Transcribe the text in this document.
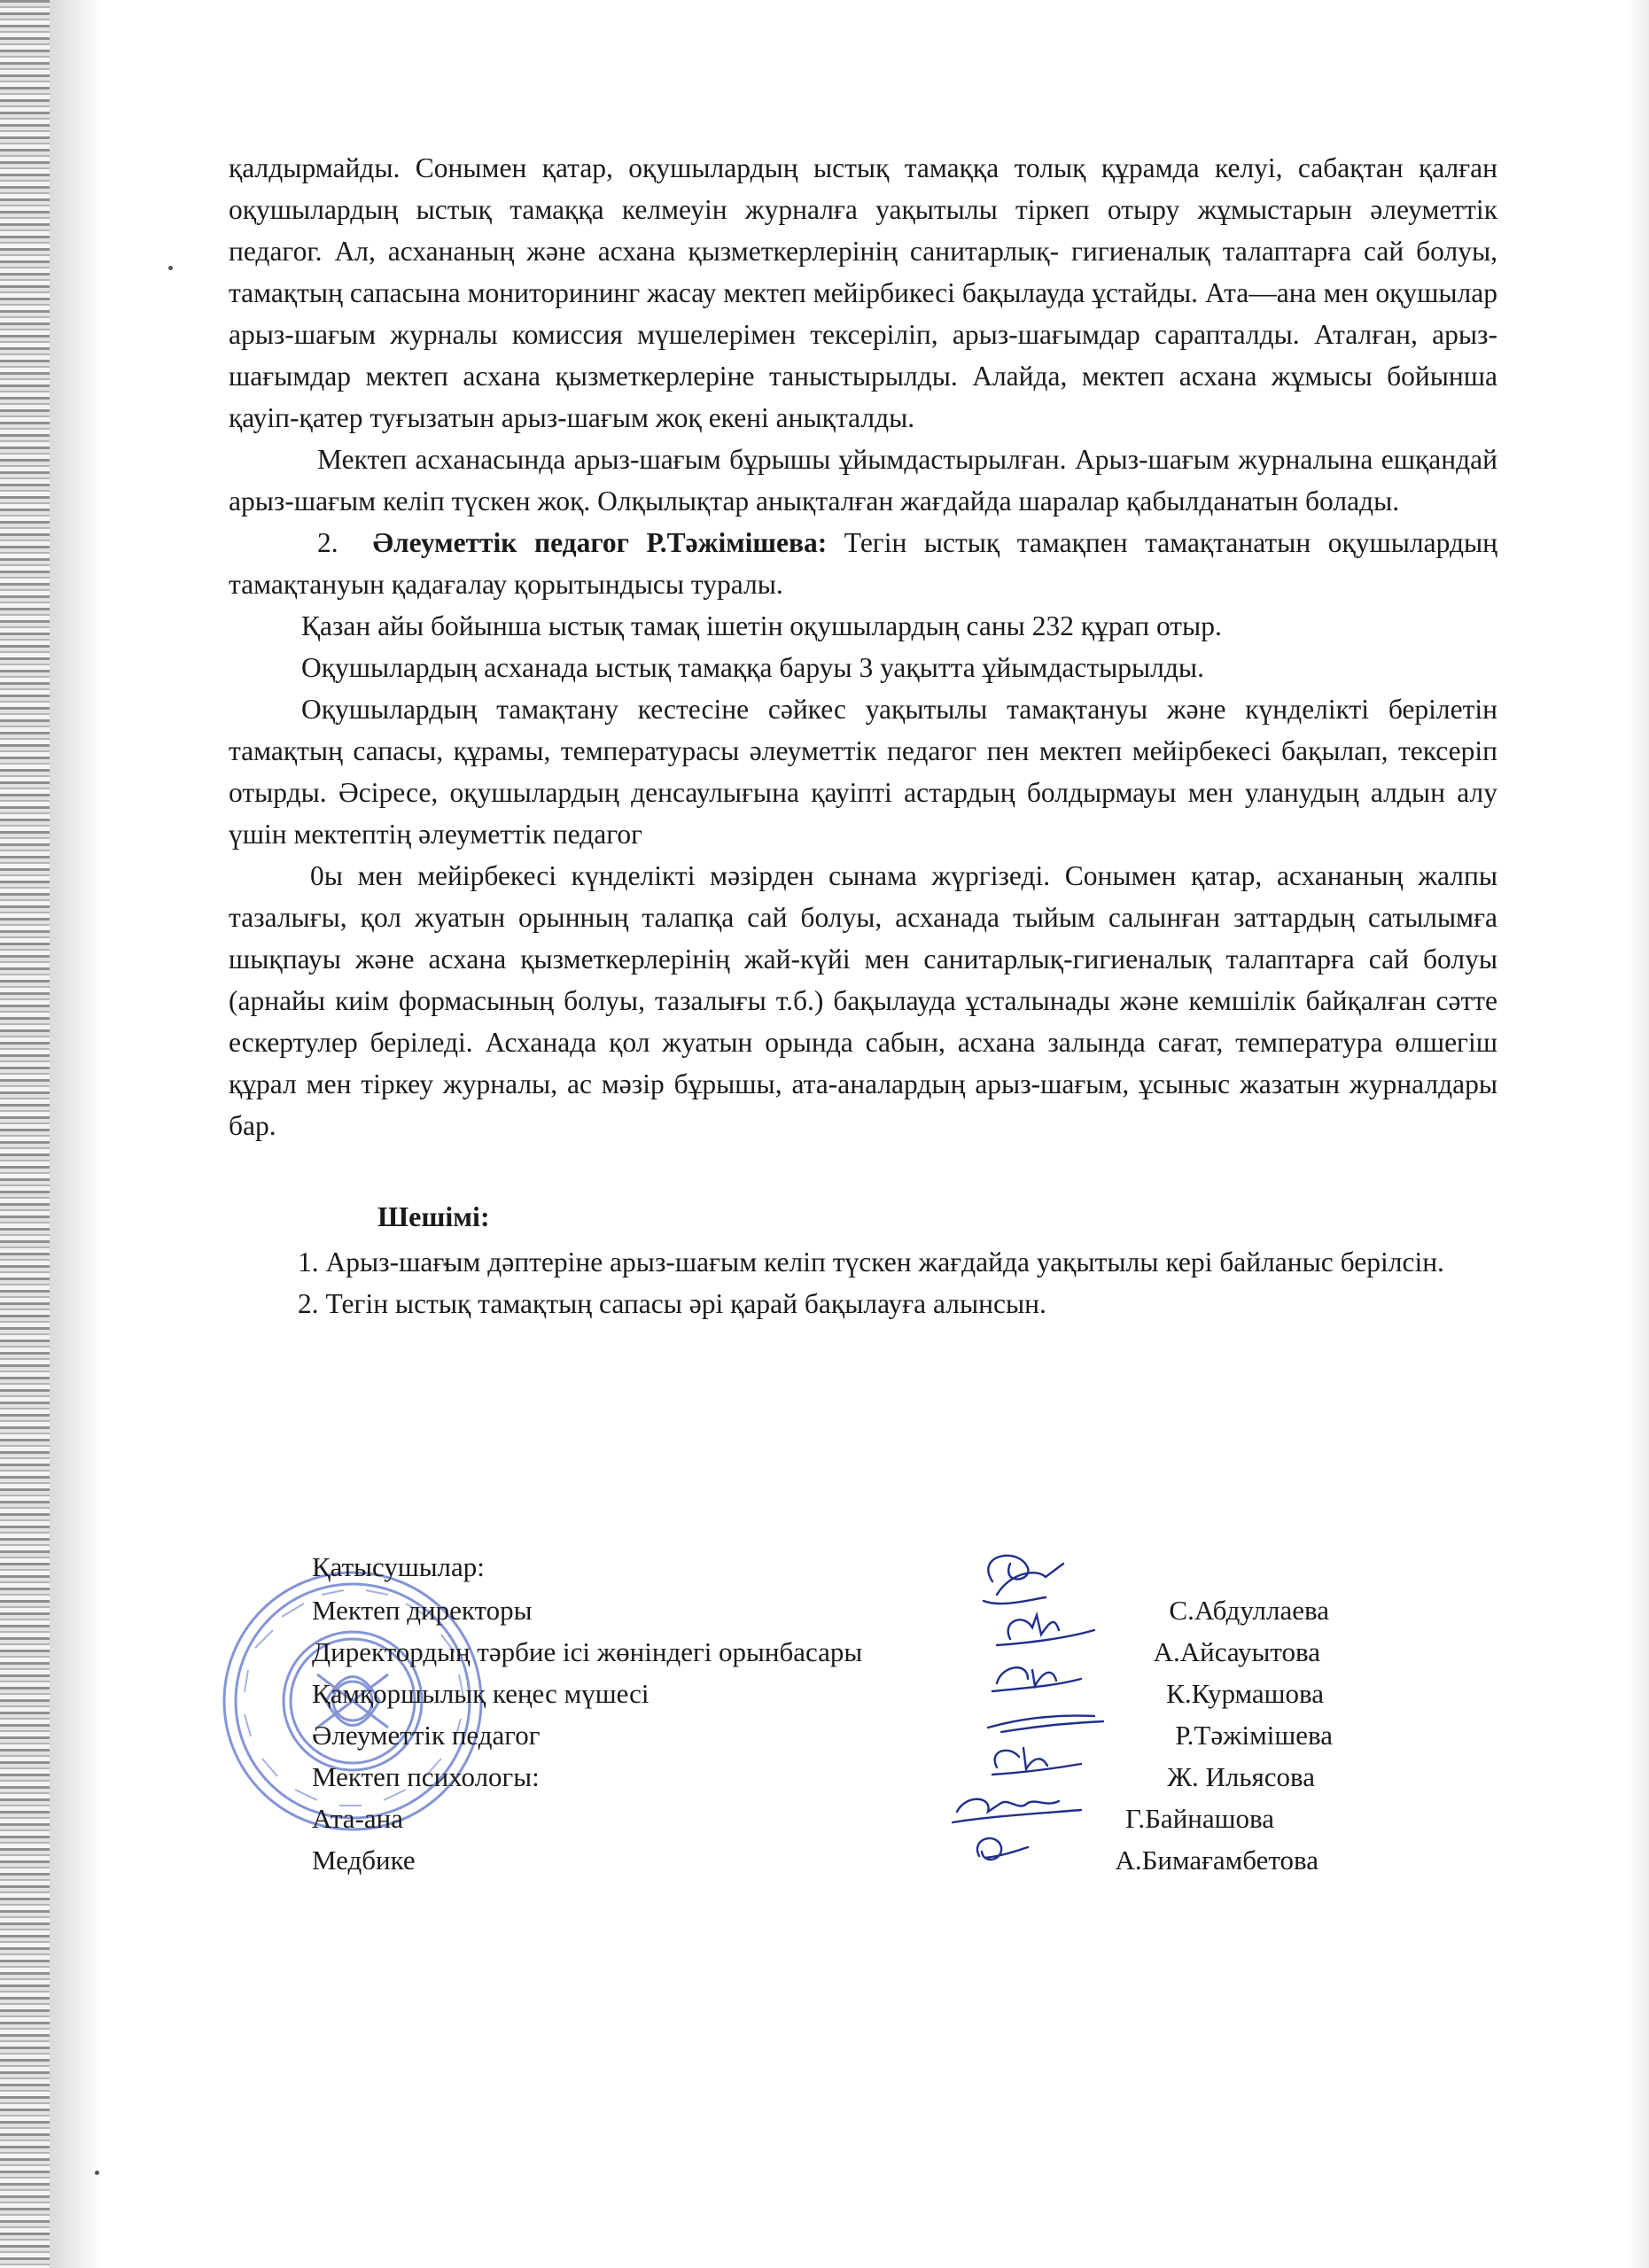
қалдырмайды. Сонымен қатар, оқушылардың ыстық тамаққа толық құрамда келуі, сабақтан қалған оқушылардың ыстық тамаққа келмеуін журналға уақытылы тіркеп отыру жұмыстарын әлеуметтік педагог. Ал, асхананың және асхана қызметкерлерінің санитарлық- гигиеналық талаптарға сай болуы, тамақтың сапасына мониторининг жасау мектеп мейірбикесі бақылауда ұстайды. Ата—ана мен оқушылар арыз-шағым журналы комиссия мүшелерімен тексеріліп, арыз-шағымдар сарапталды. Аталған, арыз-шағымдар мектеп асхана қызметкерлеріне таныстырылды. Алайда, мектеп асхана жұмысы бойынша қауіп-қатер туғызатын арыз-шағым жоқ екені анықталды.

Мектеп асханасында арыз-шағым бұрышы ұйымдастырылған. Арыз-шағым журналына ешқандай арыз-шағым келіп түскен жоқ. Олқылықтар анықталған жағдайда шаралар қабылданатын болады.

2. Әлеуметтік педагог Р.Тәжімішева: Тегін ыстық тамақпен тамақтанатын оқушылардың тамақтануын қадағалау қорытындысы туралы.

Қазан айы бойынша ыстық тамақ ішетін оқушылардың саны 232 құрап отыр.

Оқушылардың асханада ыстық тамаққа баруы 3 уақытта ұйымдастырылды.

Оқушылардың тамақтану кестесіне сәйкес уақытылы тамақтануы және күнделікті берілетін тамақтың сапасы, құрамы, температурасы әлеуметтік педагог пен мектеп мейірбекесі бақылап, тексеріп отырды. Әсіресе, оқушылардың денсаулығына қауіпті астардың болдырмауы мен уланудың алдын алу үшін мектептің әлеуметтік педагог

0ы мен мейірбекесі күнделікті мәзірден сынама жүргізеді. Сонымен қатар, асхананың жалпы тазалығы, қол жуатын орынның талапқа сай болуы, асханада тыйым салынған заттардың сатылымға шықпауы және асхана қызметкерлерінің жай-күйі мен санитарлық-гигиеналық талаптарға сай болуы (арнайы киім формасының болуы, тазалығы т.б.) бақылауда ұсталынады және кемшілік байқалған сәтте ескертулер беріледі. Асханада қол жуатын орында сабын, асхана залында сағат, температура өлшегіш құрал мен тіркеу журналы, ас мәзір бұрышы, ата-аналардың арыз-шағым, ұсыныс жазатын журналдары бар.

Шешімі:

1. Арыз-шағым дәптеріне арыз-шағым келіп түскен жағдайда уақытылы кері байланыс берілсін.

2. Тегін ыстық тамақтың сапасы әрі қарай бақылауға алынсын.

Қатысушылар:
Мектеп директоры	С.Абдуллаева
Директордың тәрбие ісі жөніндегі орынбасары	А.Айсауытова
Қамқоршылық кеңес мүшесі	К.Курмашова
Әлеуметтік педагог	Р.Тәжімішева
Мектеп психологы:	Ж. Ильясова
Ата-ана	Г.Байнашова
Медбике	А.Бимағамбетова
